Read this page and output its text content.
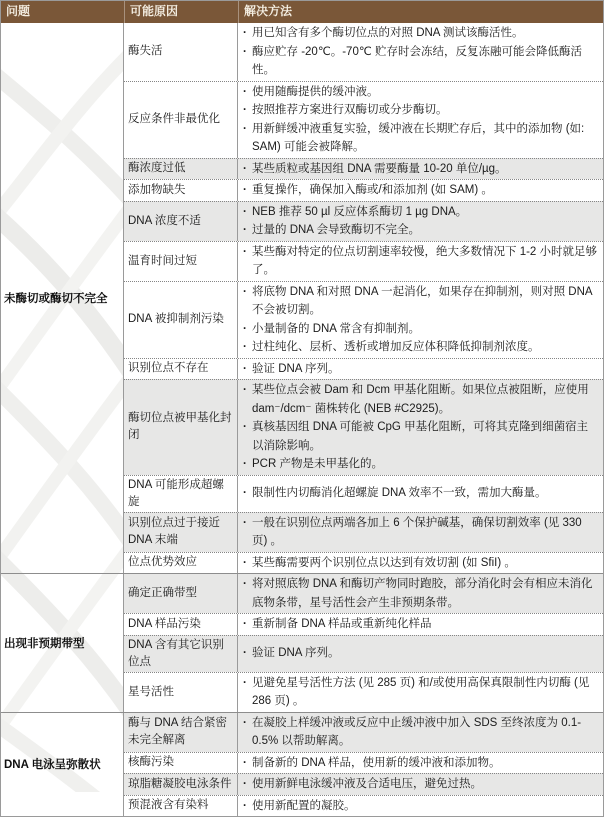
问题	可能原因	解决方法
未酶切或酶切不完全
酶失活
· 用已知含有多个酶切位点的对照 DNA 测试该酶活性。
· 酶应贮存 -20℃。-70℃ 贮存时会冻结，反复冻融可能会降低酶活性。
反应条件非最优化
· 使用随酶提供的缓冲液。
· 按照推荐方案进行双酶切或分步酶切。
· 用新鲜缓冲液重复实验，缓冲液在长期贮存后，其中的添加物 (如: SAM) 可能会被降解。
酶浓度过低	· 某些质粒或基因组 DNA 需要酶量 10-20 单位/µg。
添加物缺失	· 重复操作，确保加入酶或/和添加剂 (如 SAM) 。
DNA 浓度不适
· NEB 推荐 50 µl 反应体系酶切 1 µg DNA。
· 过量的 DNA 会导致酶切不完全。
温育时间过短
· 某些酶对特定的位点切割速率较慢，绝大多数情况下 1-2 小时就足够了。
DNA 被抑制剂污染
· 将底物 DNA 和对照 DNA 一起消化，如果存在抑制剂，则对照 DNA 不会被切割。
· 小量制备的 DNA 常含有抑制剂。
· 过柱纯化、层析、透析或增加反应体积降低抑制剂浓度。
识别位点不存在	· 验证 DNA 序列。
酶切位点被甲基化封闭
· 某些位点会被 Dam 和 Dcm 甲基化阻断。如果位点被阻断，应使用 dam⁻/dcm⁻ 菌株转化 (NEB #C2925)。
· 真核基因组 DNA 可能被 CpG 甲基化阻断，可将其克隆到细菌宿主以消除影响。
· PCR 产物是未甲基化的。
DNA 可能形成超螺旋
· 限制性内切酶消化超螺旋 DNA 效率不一致，需加大酶量。
识别位点过于接近 DNA 末端
· 一般在识别位点两端各加上 6 个保护碱基，确保切割效率 (见 330 页) 。
位点优势效应	· 某些酶需要两个识别位点以达到有效切割 (如 SfiI) 。
出现非预期带型
确定正确带型
· 将对照底物 DNA 和酶切产物同时跑胶，部分消化时会有相应未消化底物条带，星号活性会产生非预期条带。
DNA 样品污染	· 重新制备 DNA 样品或重新纯化样品
DNA 含有其它识别位点
· 验证 DNA 序列。
星号活性
· 见避免星号活性方法 (见 285 页) 和/或使用高保真限制性内切酶 (见 286 页) 。
DNA 电泳呈弥散状
酶与 DNA 结合紧密未完全解离
· 在凝胶上样缓冲液或反应中止缓冲液中加入 SDS 至终浓度为 0.1-0.5% 以帮助解离。
核酶污染	· 制备新的 DNA 样品，使用新的缓冲液和添加物。
琼脂糖凝胶电泳条件	· 使用新鲜电泳缓冲液及合适电压，避免过热。
预混液含有染料	· 使用新配置的凝胶。
